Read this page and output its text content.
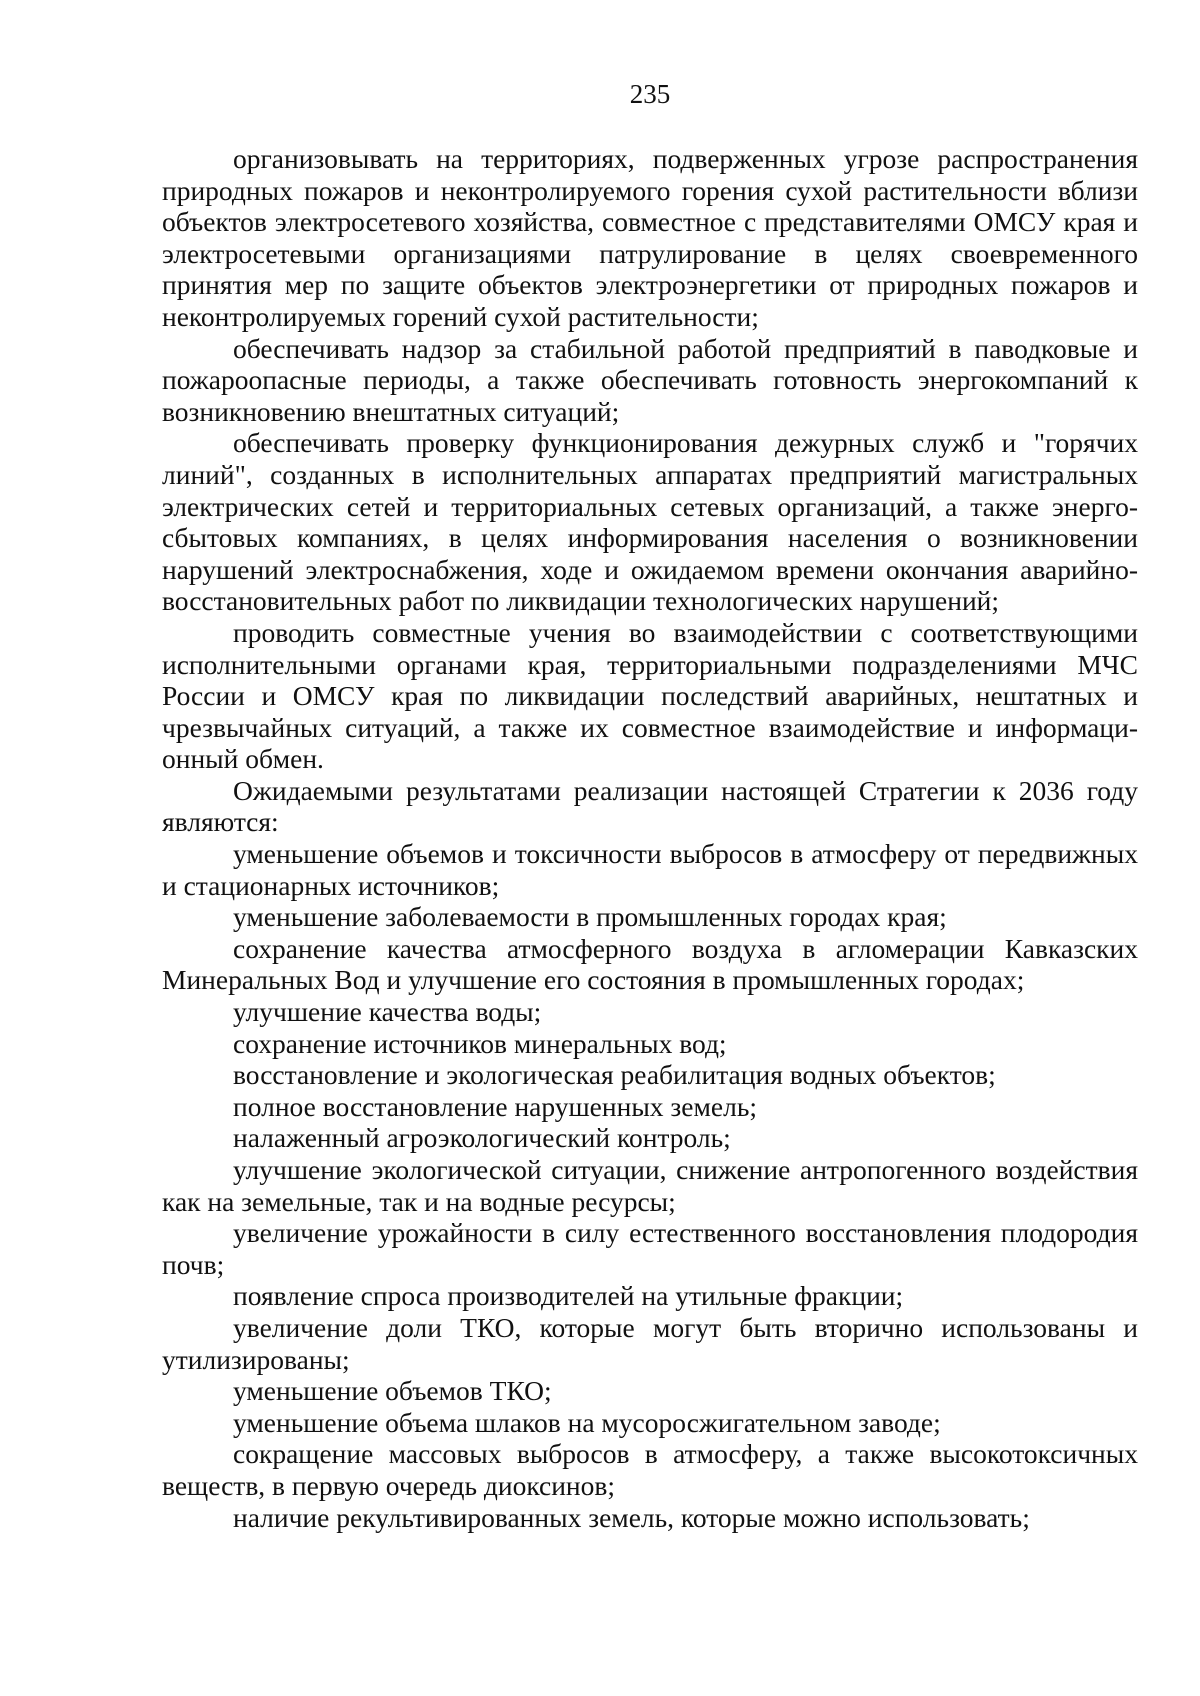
235

организовывать на территориях, подверженных угрозе распространения природных пожаров и неконтролируемого горения сухой растительности вблизи объектов электросетевого хозяйства, совместное с представителями ОМСУ края и электросетевыми организациями патрулирование в целях своевременного принятия мер по защите объектов электроэнергетики от природных пожаров и неконтролируемых горений сухой растительности;

обеспечивать надзор за стабильной работой предприятий в паводковые и пожароопасные периоды, а также обеспечивать готовность энергокомпаний к возникновению внештатных ситуаций;

обеспечивать проверку функционирования дежурных служб и "горячих линий", созданных в исполнительных аппаратах предприятий магистральных электрических сетей и территориальных сетевых организаций, а также энергосбытовых компаниях, в целях информирования населения о возникновении нарушений электроснабжения, ходе и ожидаемом времени окончания аварийно-восстановительных работ по ликвидации технологических нарушений;

проводить совместные учения во взаимодействии с соответствующими исполнительными органами края, территориальными подразделениями МЧС России и ОМСУ края по ликвидации последствий аварийных, нештатных и чрезвычайных ситуаций, а также их совместное взаимодействие и информационный обмен.

Ожидаемыми результатами реализации настоящей Стратегии к 2036 году являются:

уменьшение объемов и токсичности выбросов в атмосферу от передвижных и стационарных источников;

уменьшение заболеваемости в промышленных городах края;

сохранение качества атмосферного воздуха в агломерации Кавказских Минеральных Вод и улучшение его состояния в промышленных городах;

улучшение качества воды;

сохранение источников минеральных вод;

восстановление и экологическая реабилитация водных объектов;

полное восстановление нарушенных земель;

налаженный агроэкологический контроль;

улучшение экологической ситуации, снижение антропогенного воздействия как на земельные, так и на водные ресурсы;

увеличение урожайности в силу естественного восстановления плодородия почв;

появление спроса производителей на утильные фракции;

увеличение доли ТКО, которые могут быть вторично использованы и утилизированы;

уменьшение объемов ТКО;

уменьшение объема шлаков на мусоросжигательном заводе;

сокращение массовых выбросов в атмосферу, а также высокотоксичных веществ, в первую очередь диоксинов;

наличие рекультивированных земель, которые можно использовать;
